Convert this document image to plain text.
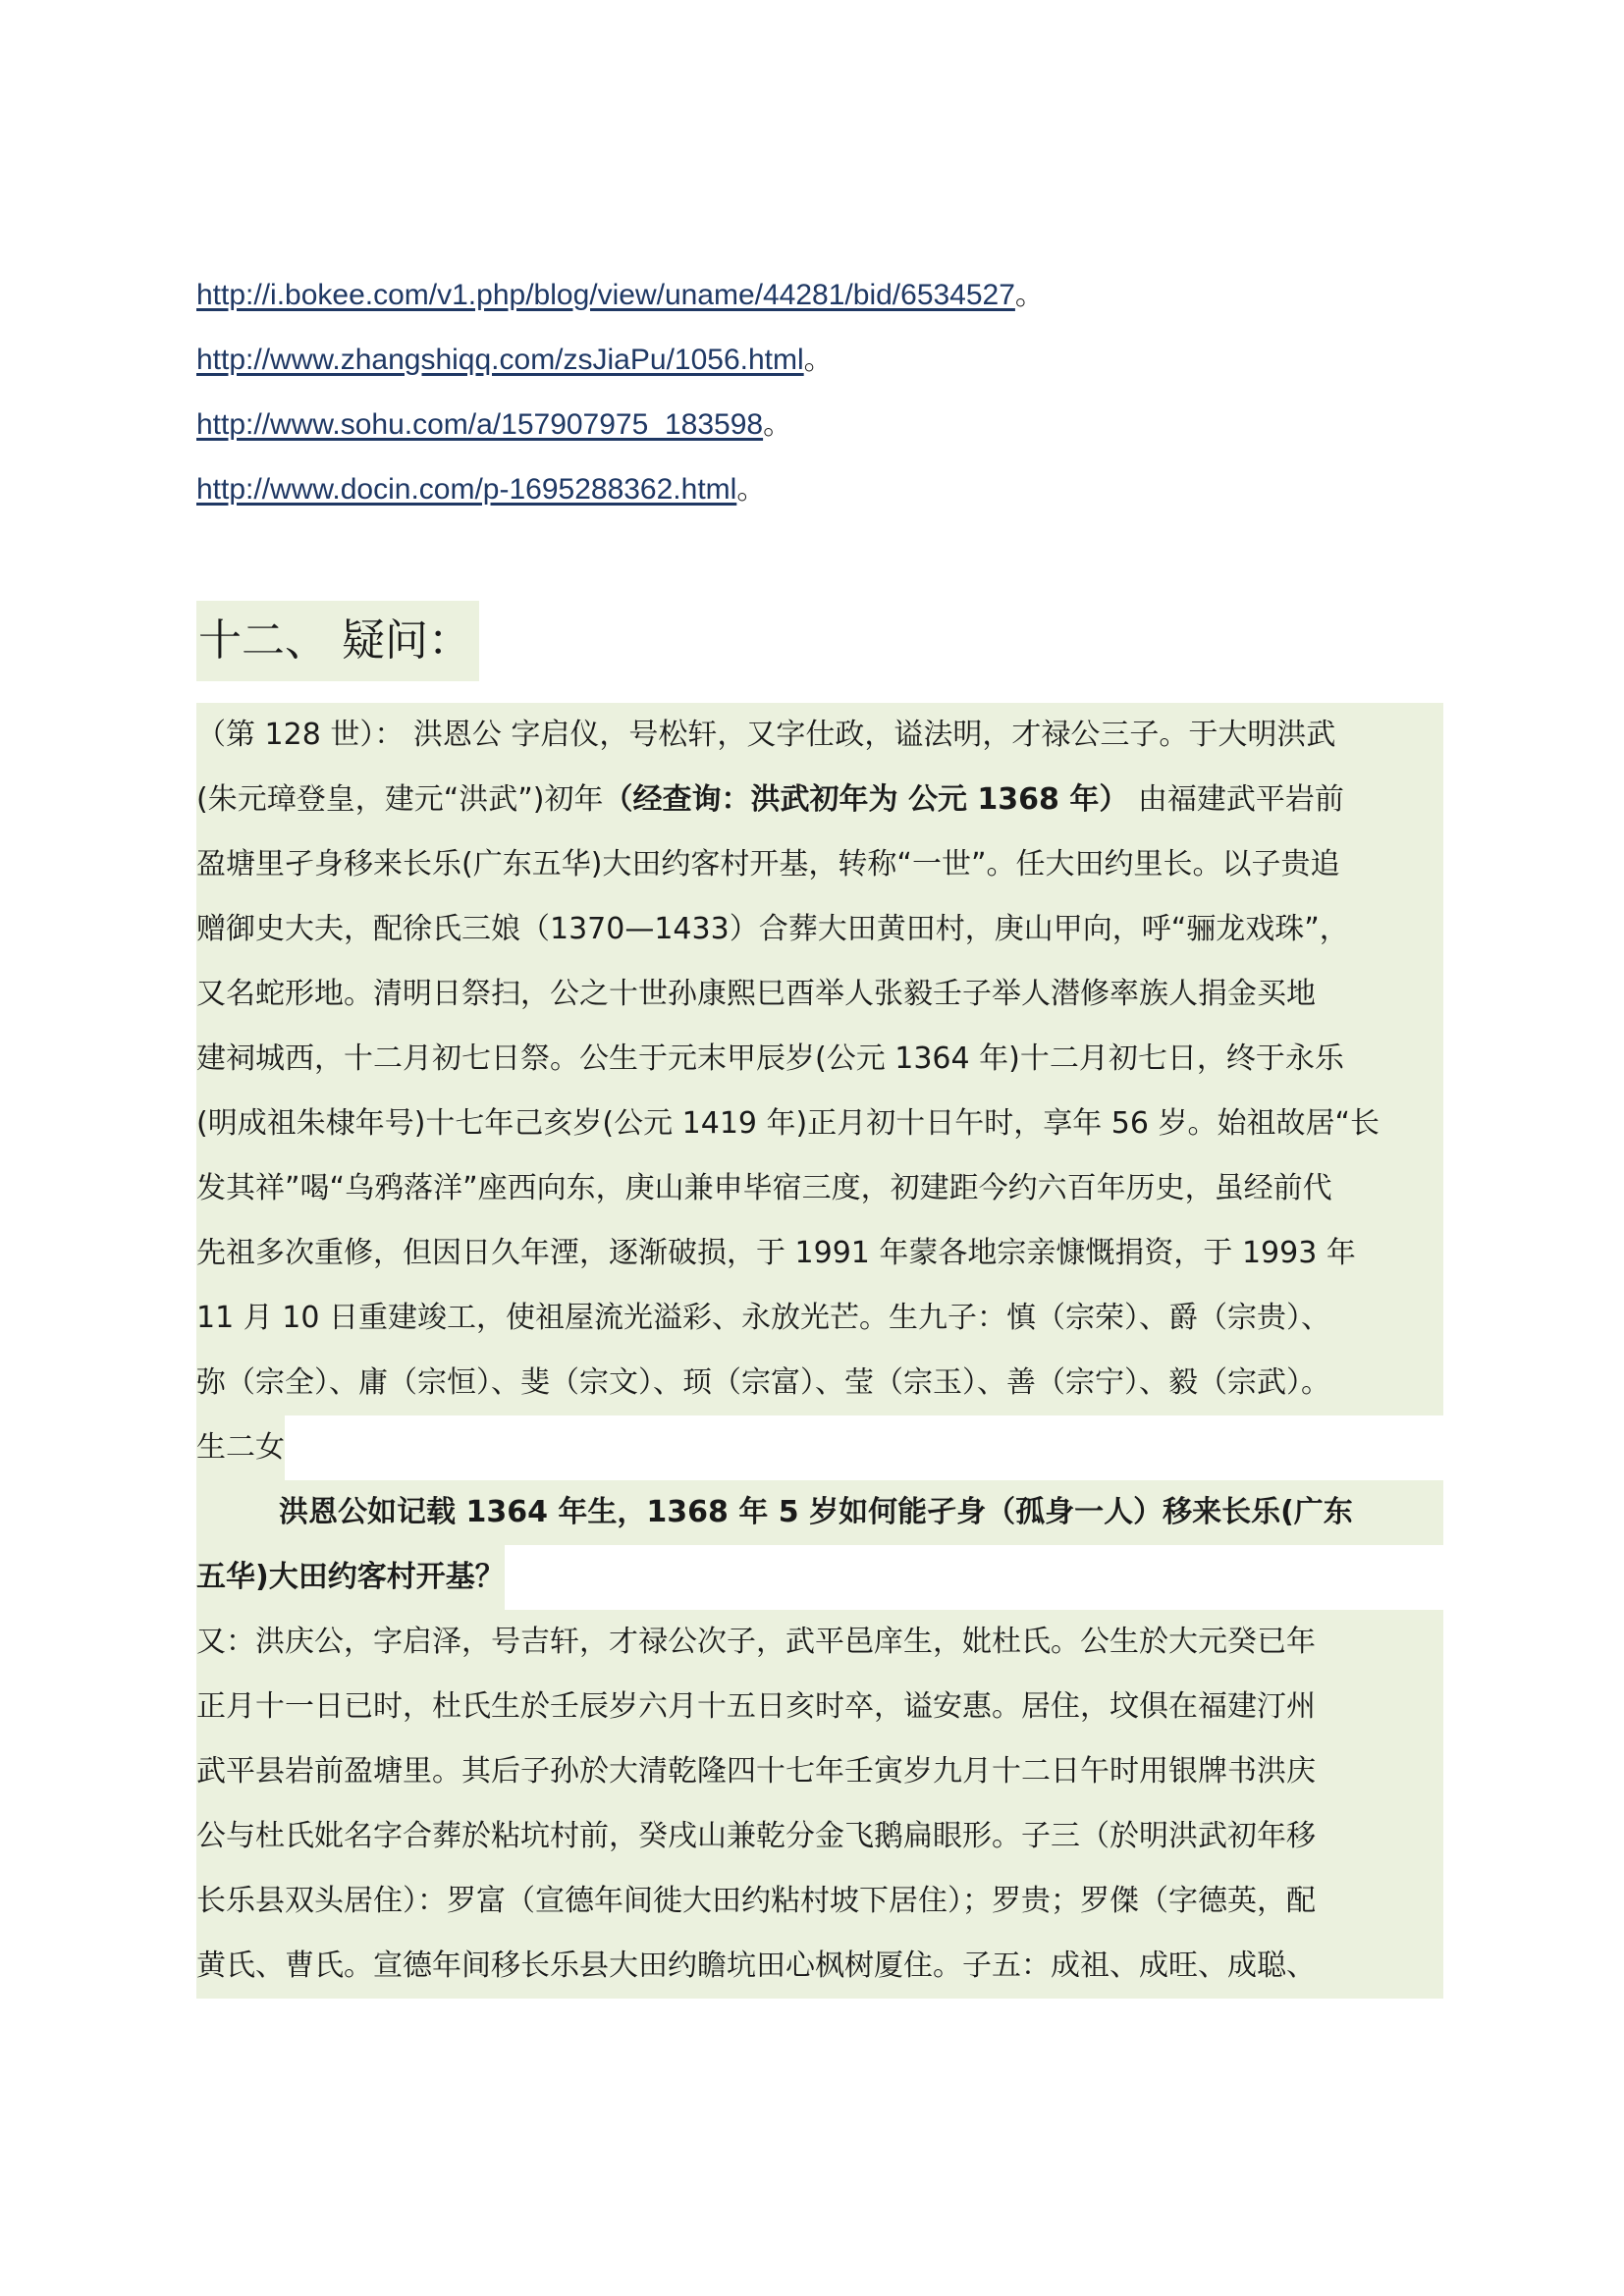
http://i.bokee.com/v1.php/blog/view/uname/44281/bid/6534527。
http://www.zhangshiqq.com/zsJiaPu/1056.html。
http://www.sohu.com/a/157907975_183598。
http://www.docin.com/p-1695288362.html。
十二、 疑问：
（第 128 世）： 洪恩公 字启仪，号松轩，又字仕政，谥法明，才禄公三子。于大明洪武
(朱元璋登皇，建元“洪武”)初年（经查询：洪武初年为 公元 1368 年） 由福建武平岩前
盈塘里孑身移来长乐(广东五华)大田约客村开基，转称“一世”。任大田约里长。以子贵追
赠御史大夫，配徐氏三娘（1370—1433）合葬大田黄田村，庚山甲向，呼“骊龙戏珠”，
又名蛇形地。清明日祭扫，公之十世孙康熙巳酉举人张毅壬子举人潜修率族人捐金买地
建祠城西，十二月初七日祭。公生于元末甲辰岁(公元 1364 年)十二月初七日，终于永乐
(明成祖朱棣年号)十七年己亥岁(公元 1419 年)正月初十日午时，享年 56 岁。始祖故居“长
发其祥”喝“乌鸦落洋”座西向东，庚山兼申毕宿三度，初建距今约六百年历史，虽经前代
先祖多次重修，但因日久年湮，逐渐破损，于 1991 年蒙各地宗亲慷慨捐资，于 1993 年
11 月 10 日重建竣工，使祖屋流光溢彩、永放光芒。生九子：慎（宗荣）、爵（宗贵）、
弥（宗全）、庸（宗恒）、斐（宗文）、顼（宗富）、莹（宗玉）、善（宗宁）、毅（宗武）。
生二女
洪恩公如记载 1364 年生，1368 年 5 岁如何能孑身（孤身一人）移来长乐(广东
五华)大田约客村开基？
又：洪庆公，字启泽，号吉轩，才禄公次子，武平邑庠生，妣杜氏。公生於大元癸已年
正月十一日已时，杜氏生於壬辰岁六月十五日亥时卒，谥安惠。居住，坟俱在福建汀州
武平县岩前盈塘里。其后子孙於大清乾隆四十七年壬寅岁九月十二日午时用银牌书洪庆
公与杜氏妣名字合葬於粘坑村前，癸戌山兼乾分金飞鹅扁眼形。子三（於明洪武初年移
长乐县双头居住）：罗富（宣德年间徙大田约粘村坡下居住）；罗贵；罗傑（字德英，配
黄氏、曹氏。宣德年间移长乐县大田约瞻坑田心枫树厦住。子五：成祖、成旺、成聪、
